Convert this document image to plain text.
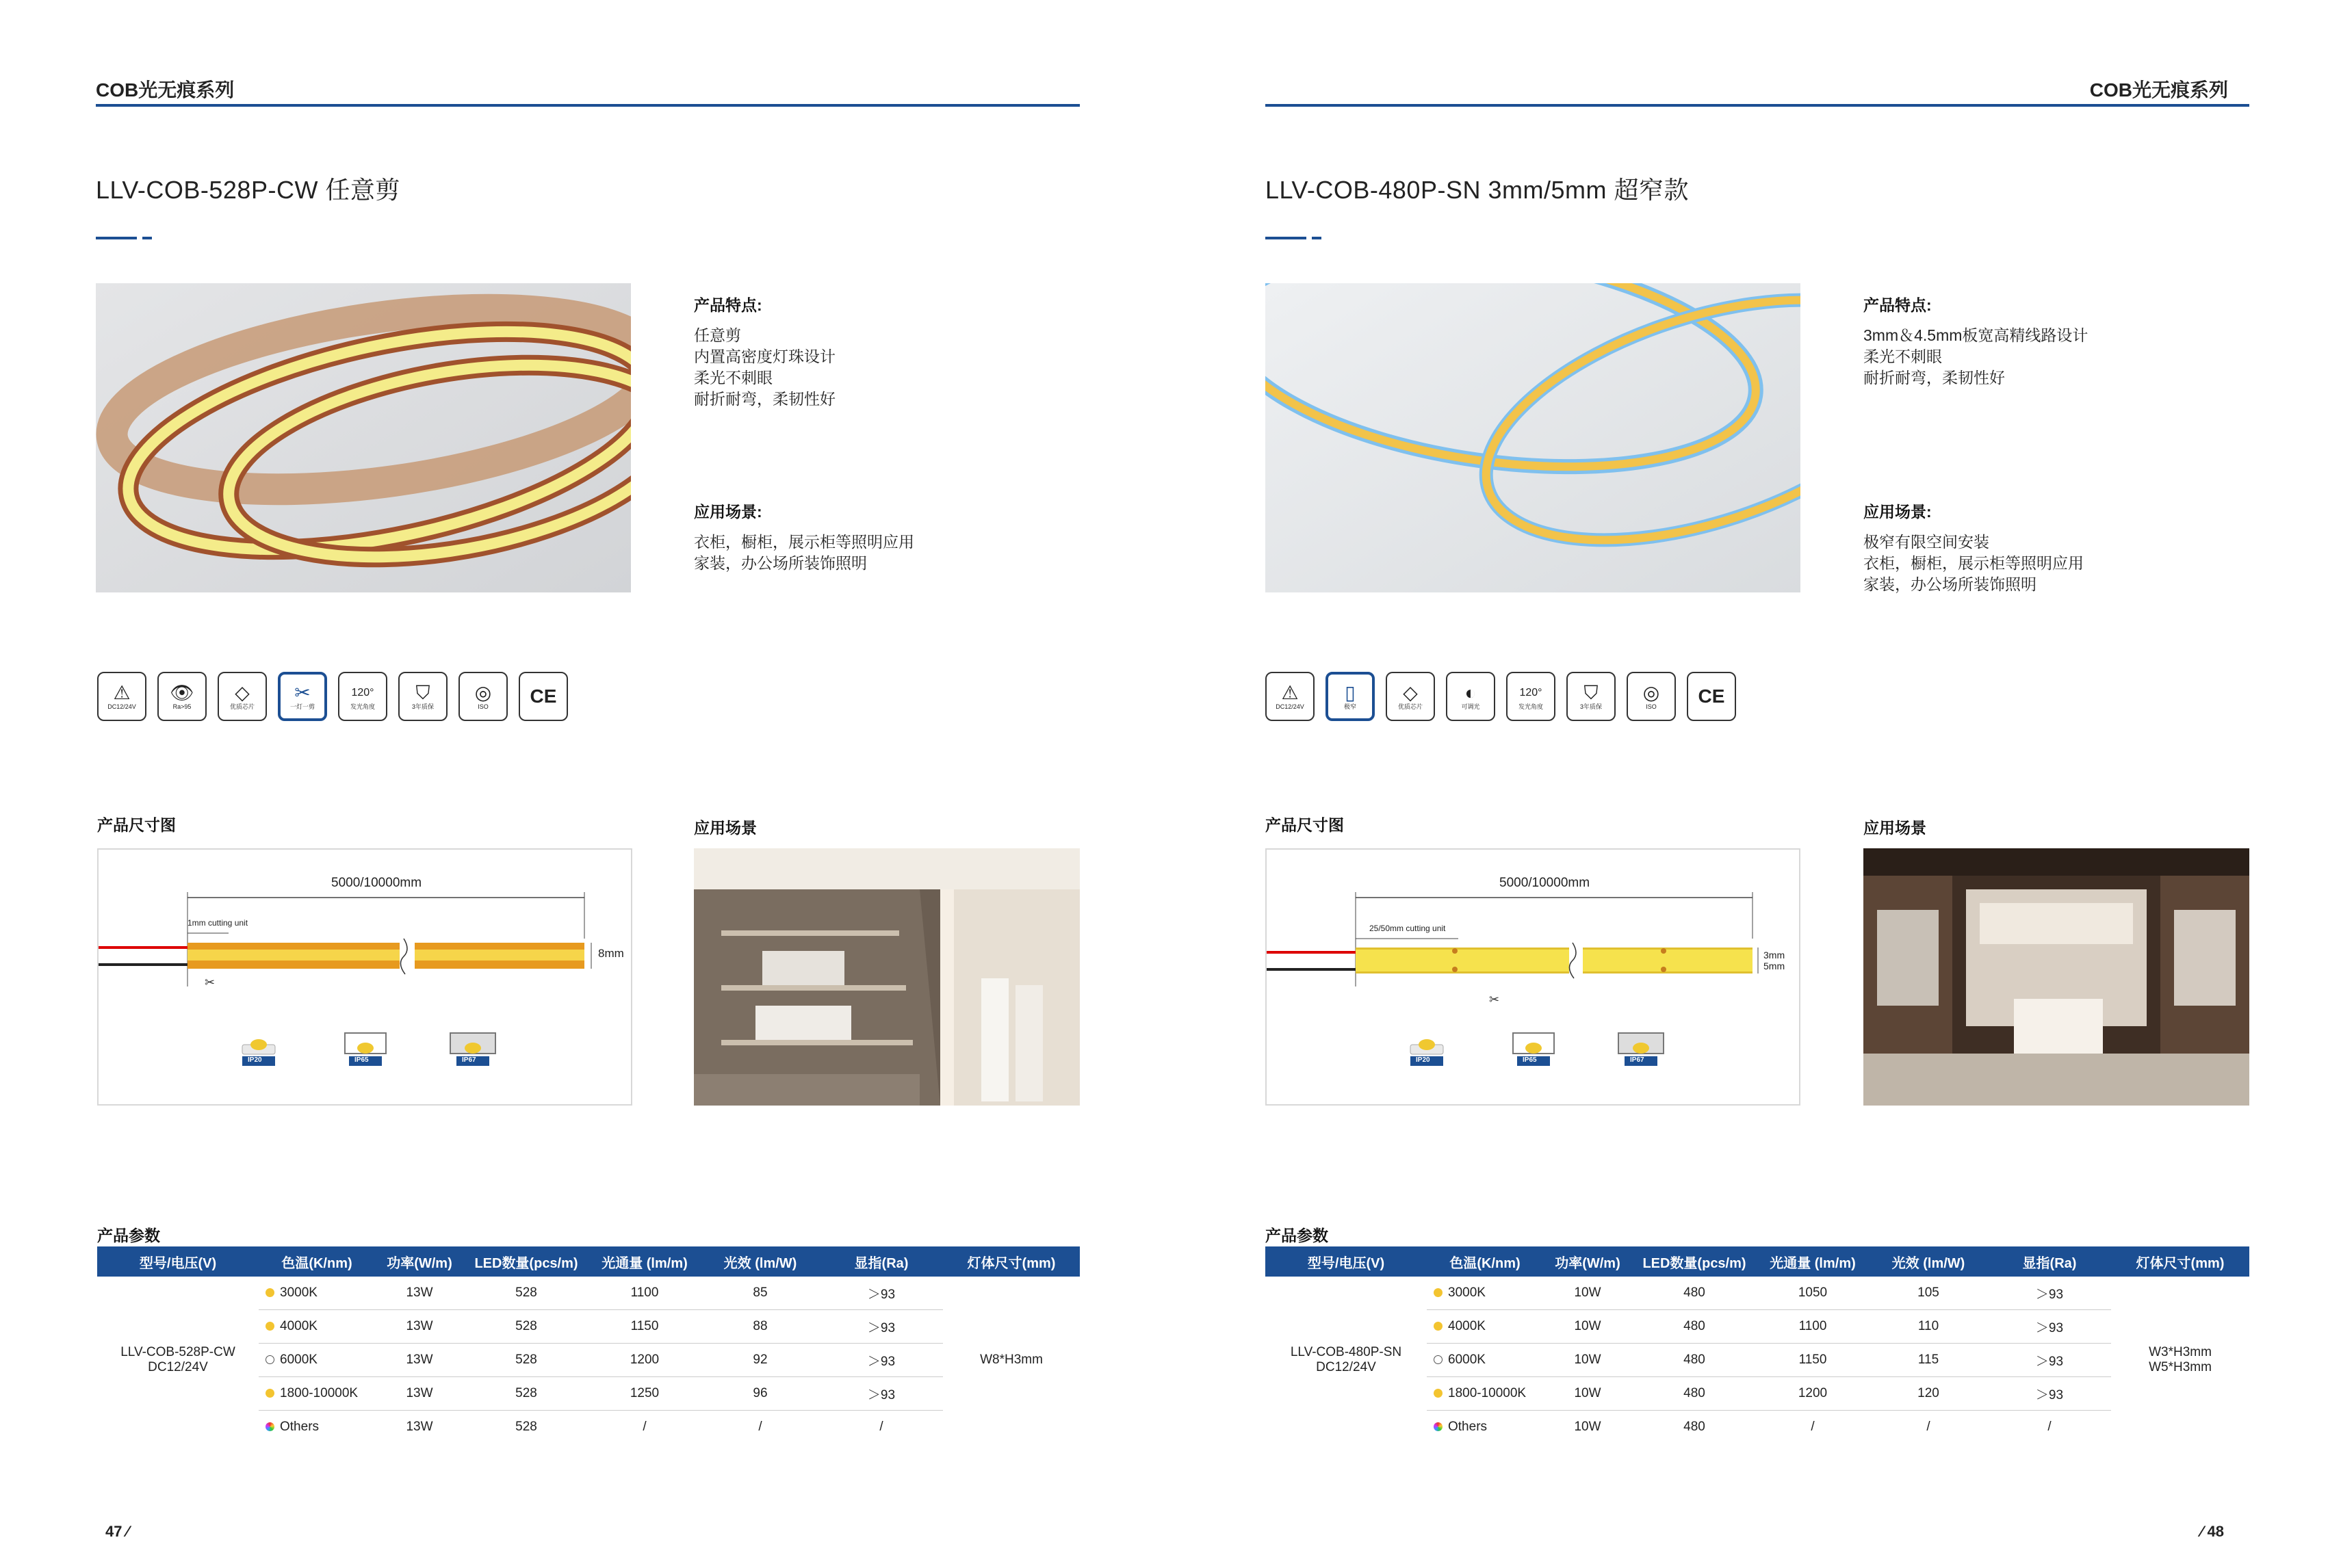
COB光无痕系列
LLV-COB-528P-CW 任意剪
产品特点:
任意剪
内置高密度灯珠设计
柔光不刺眼
耐折耐弯，柔韧性好
应用场景:
衣柜，橱柜，展示柜等照明应用
家装，办公场所装饰照明
⚠
DC12/24V
👁
Ra>95
◇
优质芯片
✂
一灯一剪
120°
发光角度
⛉
3年质保
◎
ISO CE
产品尺寸图	应用场景
✂
5000/10000mm
1mm cutting unit
8mm
IP20	IP65	IP67
产品参数
型号/电压(V)	色温(K/nm)	功率(W/m)	LED数量(pcs/m)	光通量 (lm/m)	光效 (lm/W)	显指(Ra)	灯体尺寸(mm)
LLV-COB-528P-CW
DC12/24V	3000K	13W	528	1100	85	＞93	W8*H3mm
	4000K	13W	528	1150	88	＞93	
	6000K	13W	528	1200	92	＞93	
	1800-10000K	13W	528	1250	96	＞93	
	Others	13W	528	/	/	/	
47 ⁄
COB光无痕系列
LLV-COB-480P-SN 3mm/5mm 超窄款
产品特点:
3mm＆4.5mm板宽高精线路设计
柔光不刺眼
耐折耐弯，柔韧性好
应用场景:
极窄有限空间安装
衣柜，橱柜，展示柜等照明应用
家装，办公场所装饰照明
⚠
DC12/24V
▯
极窄
◇
优质芯片
◐
可调光
120°
发光角度
⛉
3年质保
◎
ISO CE
产品尺寸图	应用场景
✂
5000/10000mm
25/50mm cutting unit
3mm
5mm
IP20	IP65	IP67
产品参数
型号/电压(V)	色温(K/nm)	功率(W/m)	LED数量(pcs/m)	光通量 (lm/m)	光效 (lm/W)	显指(Ra)	灯体尺寸(mm)
LLV-COB-480P-SN
DC12/24V	3000K	10W	480	1050	105	＞93	W3*H3mm
W5*H3mm
	4000K	10W	480	1100	110	＞93	
	6000K	10W	480	1150	115	＞93	
	1800-10000K	10W	480	1200	120	＞93	
	Others	10W	480	/	/	/	
⁄ 48
